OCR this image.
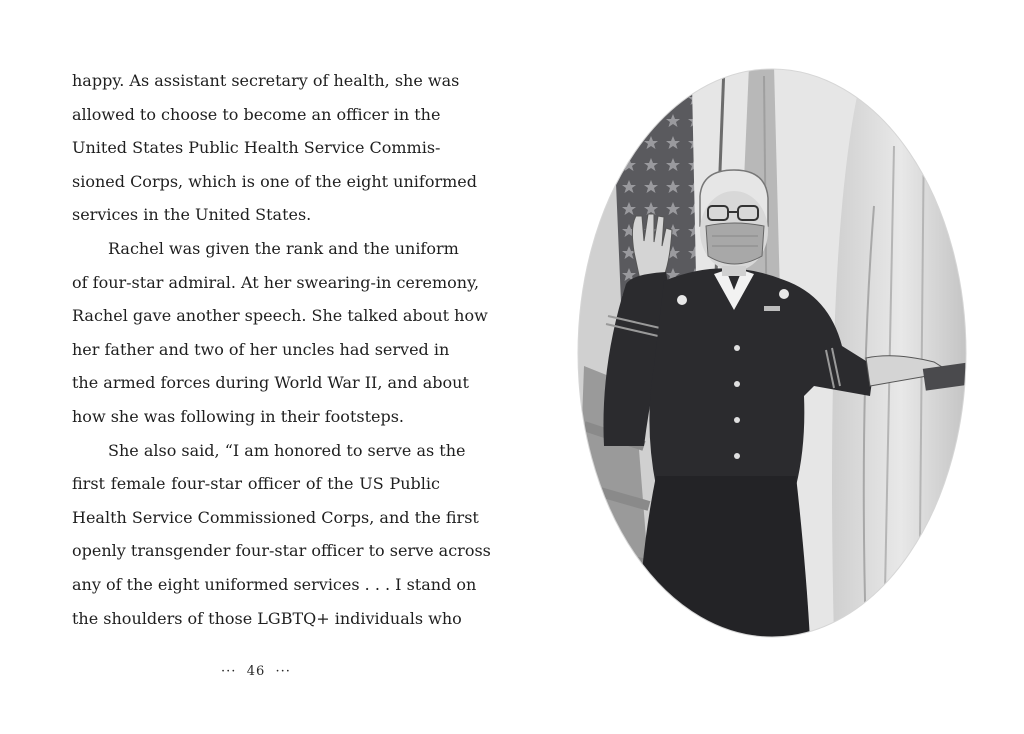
happy. As assistant secretary of health, she was
allowed to choose to become an officer in the
United States Public Health Service Commis-
sioned Corps, which is one of the eight uniformed
services in the United States.
Rachel was given the rank and the uniform
of four-star admiral. At her swearing-in ceremony,
Rachel gave another speech. She talked about how
her father and two of her uncles had served in
the armed forces during World War II, and about
how she was following in their footsteps.
She also said, “I am honored to serve as the
first female four-star officer of the US Public
Health Service Commissioned Corps, and the first
openly transgender four-star officer to serve across
any of the eight uniformed services . . . I stand on
the shoulders of those LGBTQ+ individuals who
··· 46 ···
